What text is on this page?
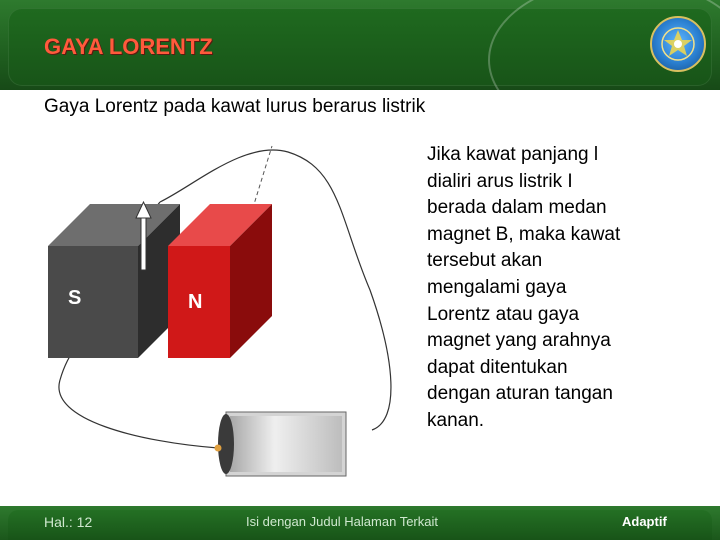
GAYA LORENTZ

Gaya Lorentz pada kawat lurus berarus listrik

S	N
Jika kawat panjang l
dialiri arus listrik I
berada dalam medan
magnet B, maka kawat
tersebut akan
mengalami gaya
Lorentz atau gaya
magnet yang arahnya
dapat ditentukan
dengan aturan tangan
kanan.
Hal.: 12	Isi dengan Judul Halaman Terkait	Adaptif
